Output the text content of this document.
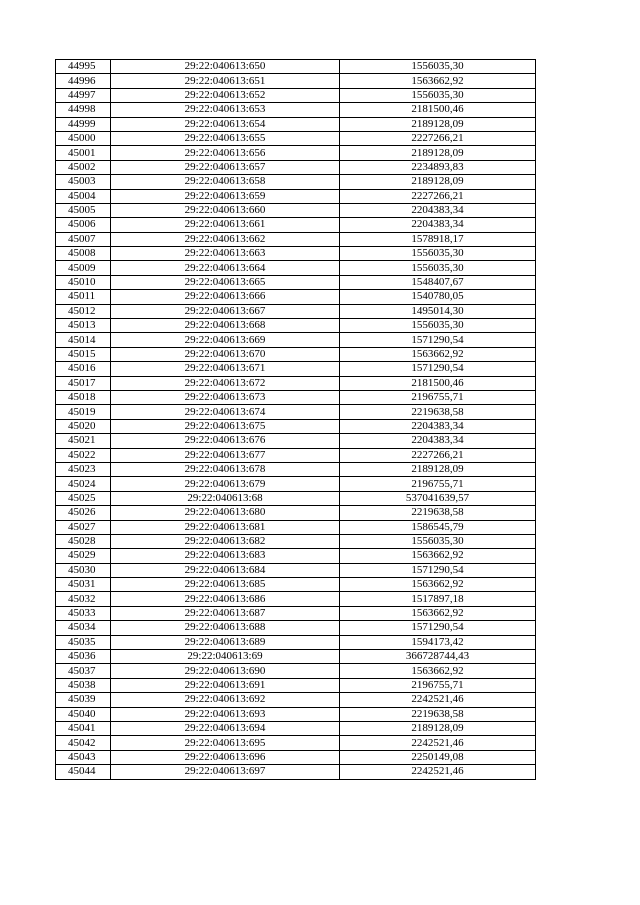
44995	29:22:040613:650	1556035,30
44996	29:22:040613:651	1563662,92
44997	29:22:040613:652	1556035,30
44998	29:22:040613:653	2181500,46
44999	29:22:040613:654	2189128,09
45000	29:22:040613:655	2227266,21
45001	29:22:040613:656	2189128,09
45002	29:22:040613:657	2234893,83
45003	29:22:040613:658	2189128,09
45004	29:22:040613:659	2227266,21
45005	29:22:040613:660	2204383,34
45006	29:22:040613:661	2204383,34
45007	29:22:040613:662	1578918,17
45008	29:22:040613:663	1556035,30
45009	29:22:040613:664	1556035,30
45010	29:22:040613:665	1548407,67
45011	29:22:040613:666	1540780,05
45012	29:22:040613:667	1495014,30
45013	29:22:040613:668	1556035,30
45014	29:22:040613:669	1571290,54
45015	29:22:040613:670	1563662,92
45016	29:22:040613:671	1571290,54
45017	29:22:040613:672	2181500,46
45018	29:22:040613:673	2196755,71
45019	29:22:040613:674	2219638,58
45020	29:22:040613:675	2204383,34
45021	29:22:040613:676	2204383,34
45022	29:22:040613:677	2227266,21
45023	29:22:040613:678	2189128,09
45024	29:22:040613:679	2196755,71
45025	29:22:040613:68	537041639,57
45026	29:22:040613:680	2219638,58
45027	29:22:040613:681	1586545,79
45028	29:22:040613:682	1556035,30
45029	29:22:040613:683	1563662,92
45030	29:22:040613:684	1571290,54
45031	29:22:040613:685	1563662,92
45032	29:22:040613:686	1517897,18
45033	29:22:040613:687	1563662,92
45034	29:22:040613:688	1571290,54
45035	29:22:040613:689	1594173,42
45036	29:22:040613:69	366728744,43
45037	29:22:040613:690	1563662,92
45038	29:22:040613:691	2196755,71
45039	29:22:040613:692	2242521,46
45040	29:22:040613:693	2219638,58
45041	29:22:040613:694	2189128,09
45042	29:22:040613:695	2242521,46
45043	29:22:040613:696	2250149,08
45044	29:22:040613:697	2242521,46
